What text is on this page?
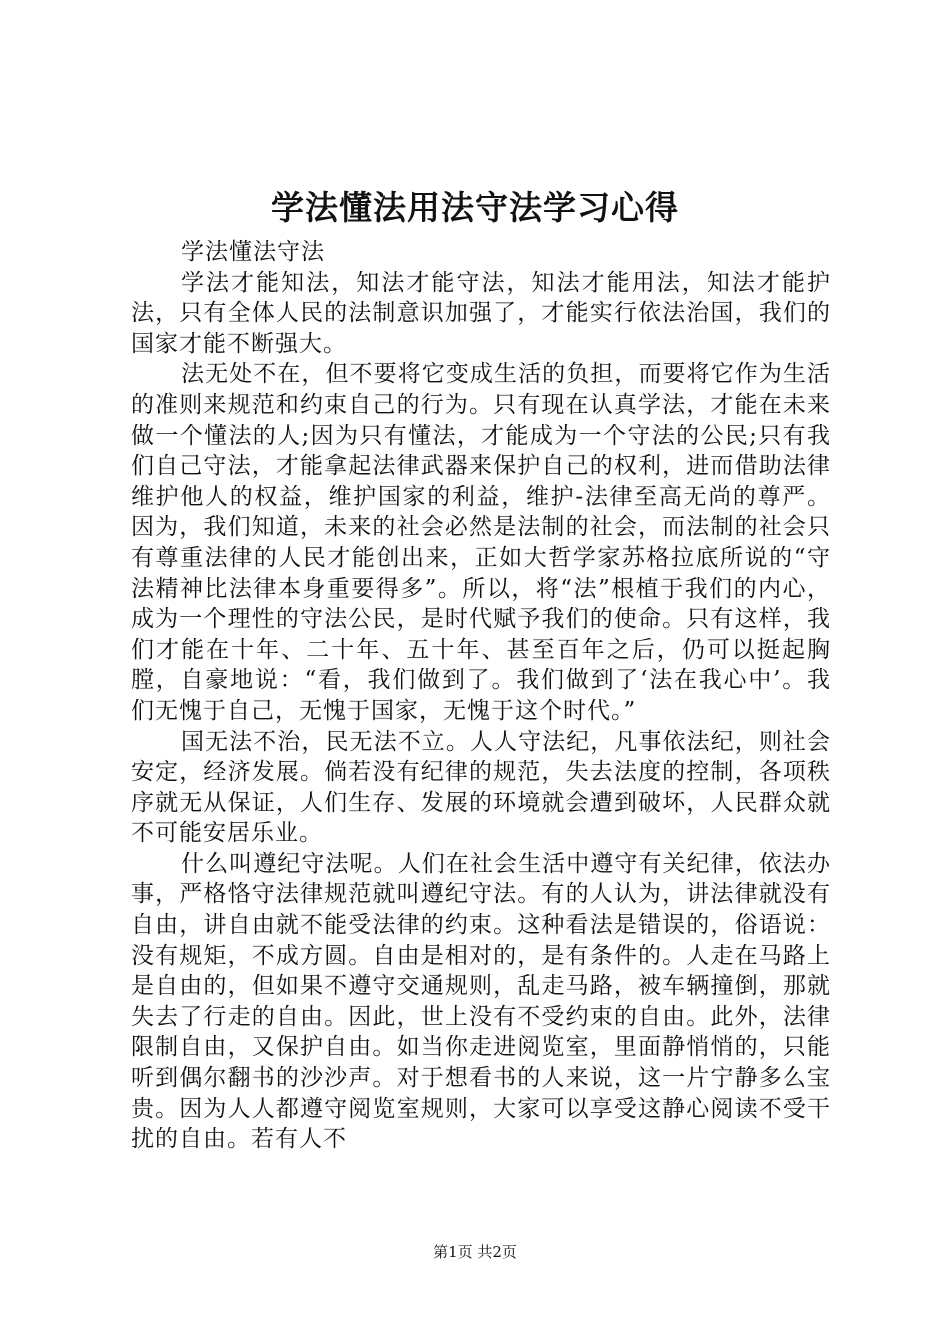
学法懂法用法守法学习心得

学法懂法守法

学法才能知法，知法才能守法，知法才能用法，知法才能护法，只有全体人民的法制意识加强了，才能实行依法治国，我们的国家才能不断强大。

法无处不在，但不要将它变成生活的负担，而要将它作为生活的准则来规范和约束自己的行为。只有现在认真学法，才能在未来做一个懂法的人;因为只有懂法，才能成为一个守法的公民;只有我们自己守法，才能拿起法律武器来保护自己的权利，进而借助法律维护他人的权益，维护国家的利益，维护-法律至高无尚的尊严。因为，我们知道，未来的社会必然是法制的社会，而法制的社会只有尊重法律的人民才能创出来，正如大哲学家苏格拉底所说的“守法精神比法律本身重要得多”。所以，将“法”根植于我们的内心，成为一个理性的守法公民，是时代赋予我们的使命。只有这样，我们才能在十年、二十年、五十年、甚至百年之后，仍可以挺起胸膛，自豪地说：“看，我们做到了。我们做到了‘法在我心中’。我们无愧于自己，无愧于国家，无愧于这个时代。”

国无法不治，民无法不立。人人守法纪，凡事依法纪，则社会安定，经济发展。倘若没有纪律的规范，失去法度的控制，各项秩序就无从保证，人们生存、发展的环境就会遭到破坏，人民群众就不可能安居乐业。

什么叫遵纪守法呢。人们在社会生活中遵守有关纪律，依法办事，严格恪守法律规范就叫遵纪守法。有的人认为，讲法律就没有自由，讲自由就不能受法律的约束。这种看法是错误的，俗语说：没有规矩，不成方圆。自由是相对的，是有条件的。人走在马路上是自由的，但如果不遵守交通规则，乱走马路，被车辆撞倒，那就失去了行走的自由。因此，世上没有不受约束的自由。此外，法律限制自由，又保护自由。如当你走进阅览室，里面静悄悄的，只能听到偶尔翻书的沙沙声。对于想看书的人来说，这一片宁静多么宝贵。因为人人都遵守阅览室规则，大家可以享受这静心阅读不受干扰的自由。若有人不

第1页 共2页
